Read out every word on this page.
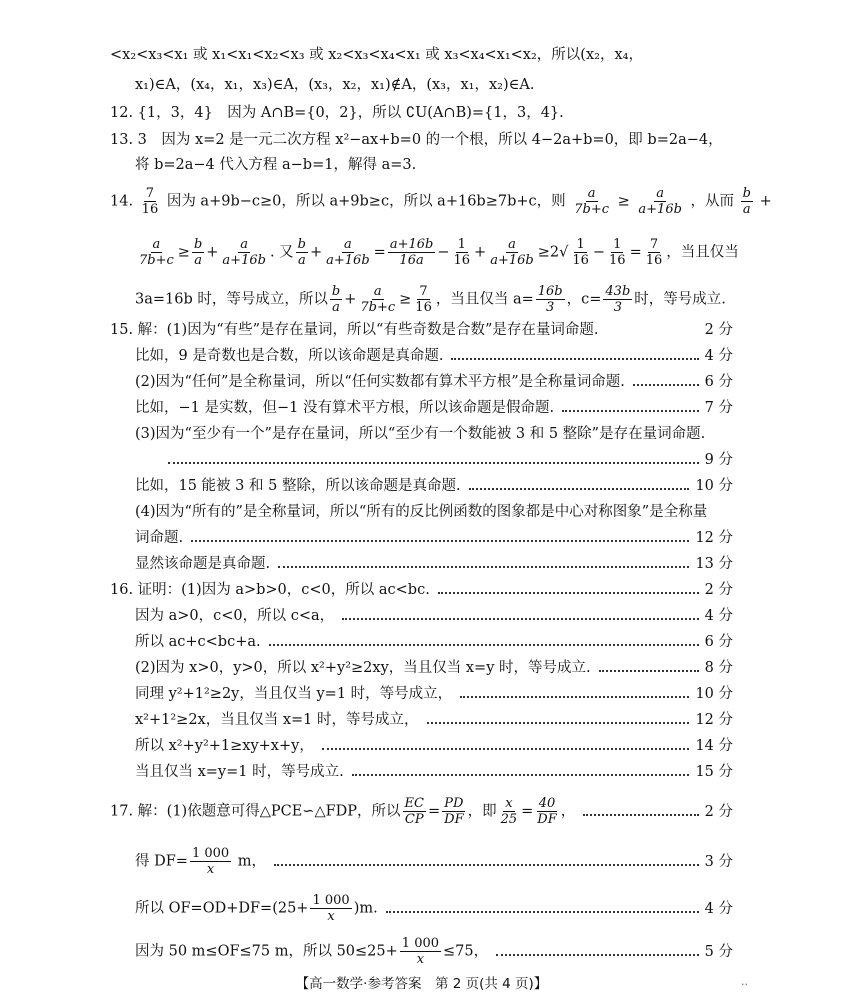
<x₂<x₃<x₁ 或 x₁<x₁<x₂<x₃ 或 x₂<x₃<x₄<x₁ 或 x₃<x₄<x₁<x₂，所以(x₂，x₄，
x₁)∈A，(x₄，x₁，x₃)∈A，(x₃，x₂，x₁)∉A，(x₃，x₁，x₂)∈A.
12. {1，3，4}　因为 A∩B={0，2}，所以 ∁U(A∩B)={1，3，4}.
13. 3　因为 x=2 是一元二次方程 x²−ax+b=0 的一个根，所以 4−2a+b=0，即 b=2a−4，
将 b=2a−4 代入方程 a−b=1，解得 a=3.
14. $\frac{7}{16}$ 因为 a+9b−c≥0，所以 a+9b≥c，所以 a+16b≥7b+c，则 $\frac{a}{7b+c} \ge \frac{a}{a+16b}$ ，从而 $\frac{b}{a}$ +
$\frac{a}{7b+c} \ge \frac{b}{a} + \frac{a}{a+16b}$ . 又 $\frac{b}{a} + \frac{a}{a+16b} = \frac{a+16b}{16a} - \frac{1}{16} + \frac{a}{a+16b} \ge 2√ \frac{1}{16} - \frac{1}{16} = \frac{7}{16}$ ，当且仅当
3a=16b 时，等号成立，所以 $\frac{b}{a} + \frac{a}{7b+c} \ge \frac{7}{16}$ ，当且仅当 $a= \frac{16b}{3}$ ，$c= \frac{43b}{3}$ 时，等号成立.
15. 解：(1)因为“有些”是存在量词，所以“有些奇数是合数”是存在量词命题.	2 分
比如，9 是奇数也是合数，所以该命题是真命题.	4 分
(2)因为“任何”是全称量词，所以“任何实数都有算术平方根”是全称量词命题.	6 分
比如，−1 是实数，但−1 没有算术平方根，所以该命题是假命题.	7 分
(3)因为“至少有一个”是存在量词，所以“至少有一个数能被 3 和 5 整除”是存在量词命题.
9 分
比如，15 能被 3 和 5 整除，所以该命题是真命题.	10 分
(4)因为“所有的”是全称量词，所以“所有的反比例函数的图象都是中心对称图象”是全称量
词命题.	12 分
显然该命题是真命题.	13 分
16. 证明：(1)因为 a>b>0，c<0，所以 ac<bc.	2 分
因为 a>0，c<0，所以 c<a，	4 分
所以 ac+c<bc+a.	6 分
(2)因为 x>0，y>0，所以 x²+y²≥2xy，当且仅当 x=y 时，等号成立.	8 分
同理 y²+1²≥2y，当且仅当 y=1 时，等号成立，	10 分
x²+1²≥2x，当且仅当 x=1 时，等号成立，	12 分
所以 x²+y²+1≥xy+x+y，	14 分
当且仅当 x=y=1 时，等号成立.	15 分
17. 解：(1)依题意可得△PCE∽△FDP，所以 $\frac{EC}{CP} = \frac{PD}{DF}$ ，即 $\frac{x}{25} = \frac{40}{DF}$ ，	2 分
得 $DF= \frac{1 000}{x}$ m，	3 分
所以 $OF=OD+DF=(25+ \frac{1 000}{x} )m$.	4 分
因为 50 m≤OF≤75 m，所以 $50\le 25+ \frac{1 000}{x} \le 75$，	5 分
【高一数学·参考答案　第 2 页(共 4 页)】	··
